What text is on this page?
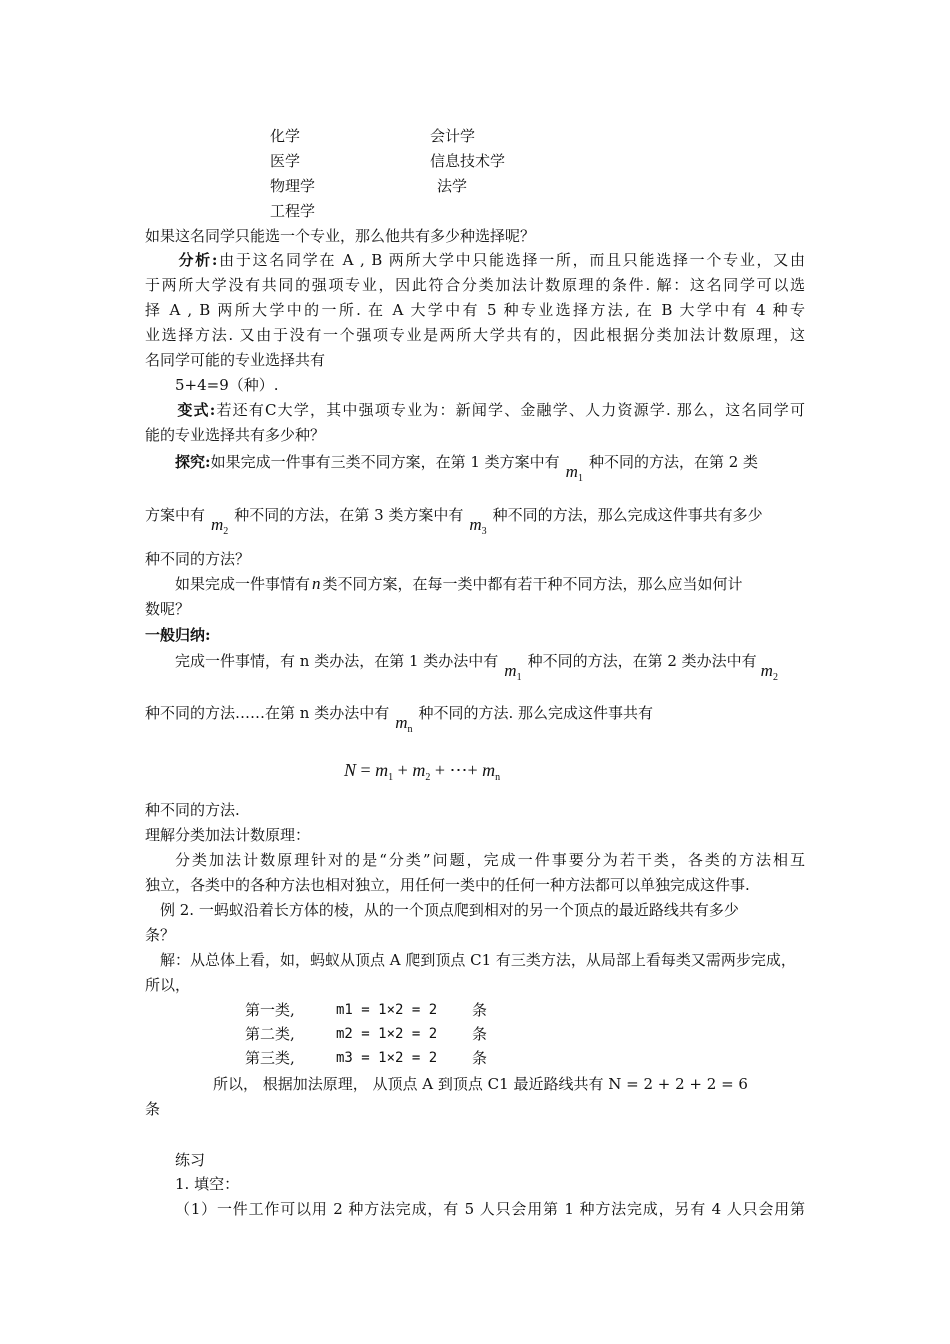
化学	会计学
医学	信息技术学
物理学	法学
工程学
如果这名同学只能选一个专业，那么他共有多少种选择呢？
　　分析:由于这名同学在 A , B 两所大学中只能选择一所，而且只能选择一个专业，又由
于两所大学没有共同的强项专业，因此符合分类加法计数原理的条件. 解：这名同学可以选
择 A , B 两所大学中的一所. 在 A 大学中有 5 种专业选择方法, 在 B 大学中有 4 种专
业选择方法. 又由于没有一个强项专业是两所大学共有的，因此根据分类加法计数原理，这
名同学可能的专业选择共有
5+4=9（种）.
　　变式:若还有C大学，其中强项专业为：新闻学、金融学、人力资源学. 那么，这名同学可
能的专业选择共有多少种？
　　探究:如果完成一件事有三类不同方案，在第 1 类方案中有 $m_1$种不同的方法，在第 2 类
方案中有 $m_2$种不同的方法，在第 3 类方案中有 $m_3$种不同的方法，那么完成这件事共有多少
种不同的方法？
　　如果完成一件事情有 n 类不同方案，在每一类中都有若干种不同方法，那么应当如何计
数呢？
一般归纳:
　　完成一件事情，有 n 类办法，在第 1 类办法中有 $m_1$种不同的方法，在第 2 类办法中有 $m_2$
种不同的方法……在第 n 类办法中有 $m_n$种不同的方法. 那么完成这件事共有
$N = m_1 + m_2$ + ⋯+ $m_n$
种不同的方法.
理解分类加法计数原理：
分类加法计数原理针对的是“分类”问题，完成一件事要分为若干类，各类的方法相互
独立，各类中的各种方法也相对独立，用任何一类中的任何一种方法都可以单独完成这件事.
例 2. 一蚂蚁沿着长方体的棱，从的一个顶点爬到相对的另一个顶点的最近路线共有多少
条？
解：从总体上看，如，蚂蚁从顶点 A 爬到顶点 C1 有三类方法，从局部上看每类又需两步完成，
所以，
第一类,	m1 = 1×2 = 2 条
第二类,	m2 = 1×2 = 2 条
第三类,	m3 = 1×2 = 2 条
所以， 根据加法原理， 从顶点 A 到顶点 C1 最近路线共有 N = 2 + 2 + 2 = 6
条
练习
1. 填空：
（1）一件工作可以用 2 种方法完成，有 5 人只会用第 1 种方法完成，另有 4 人只会用第
